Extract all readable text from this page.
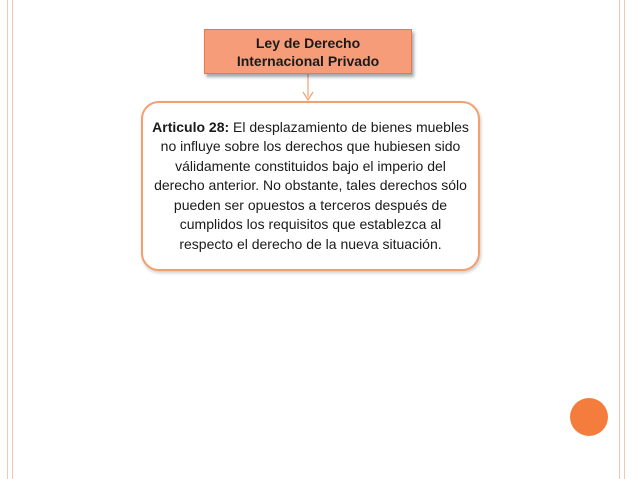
Ley de Derecho
Internacional Privado

Articulo 28: El desplazamiento de bienes muebles no influye sobre los derechos que hubiesen sido válidamente constituidos bajo el imperio del derecho anterior. No obstante, tales derechos sólo pueden ser opuestos a terceros después de cumplidos los requisitos que establezca al respecto el derecho de la nueva situación.
